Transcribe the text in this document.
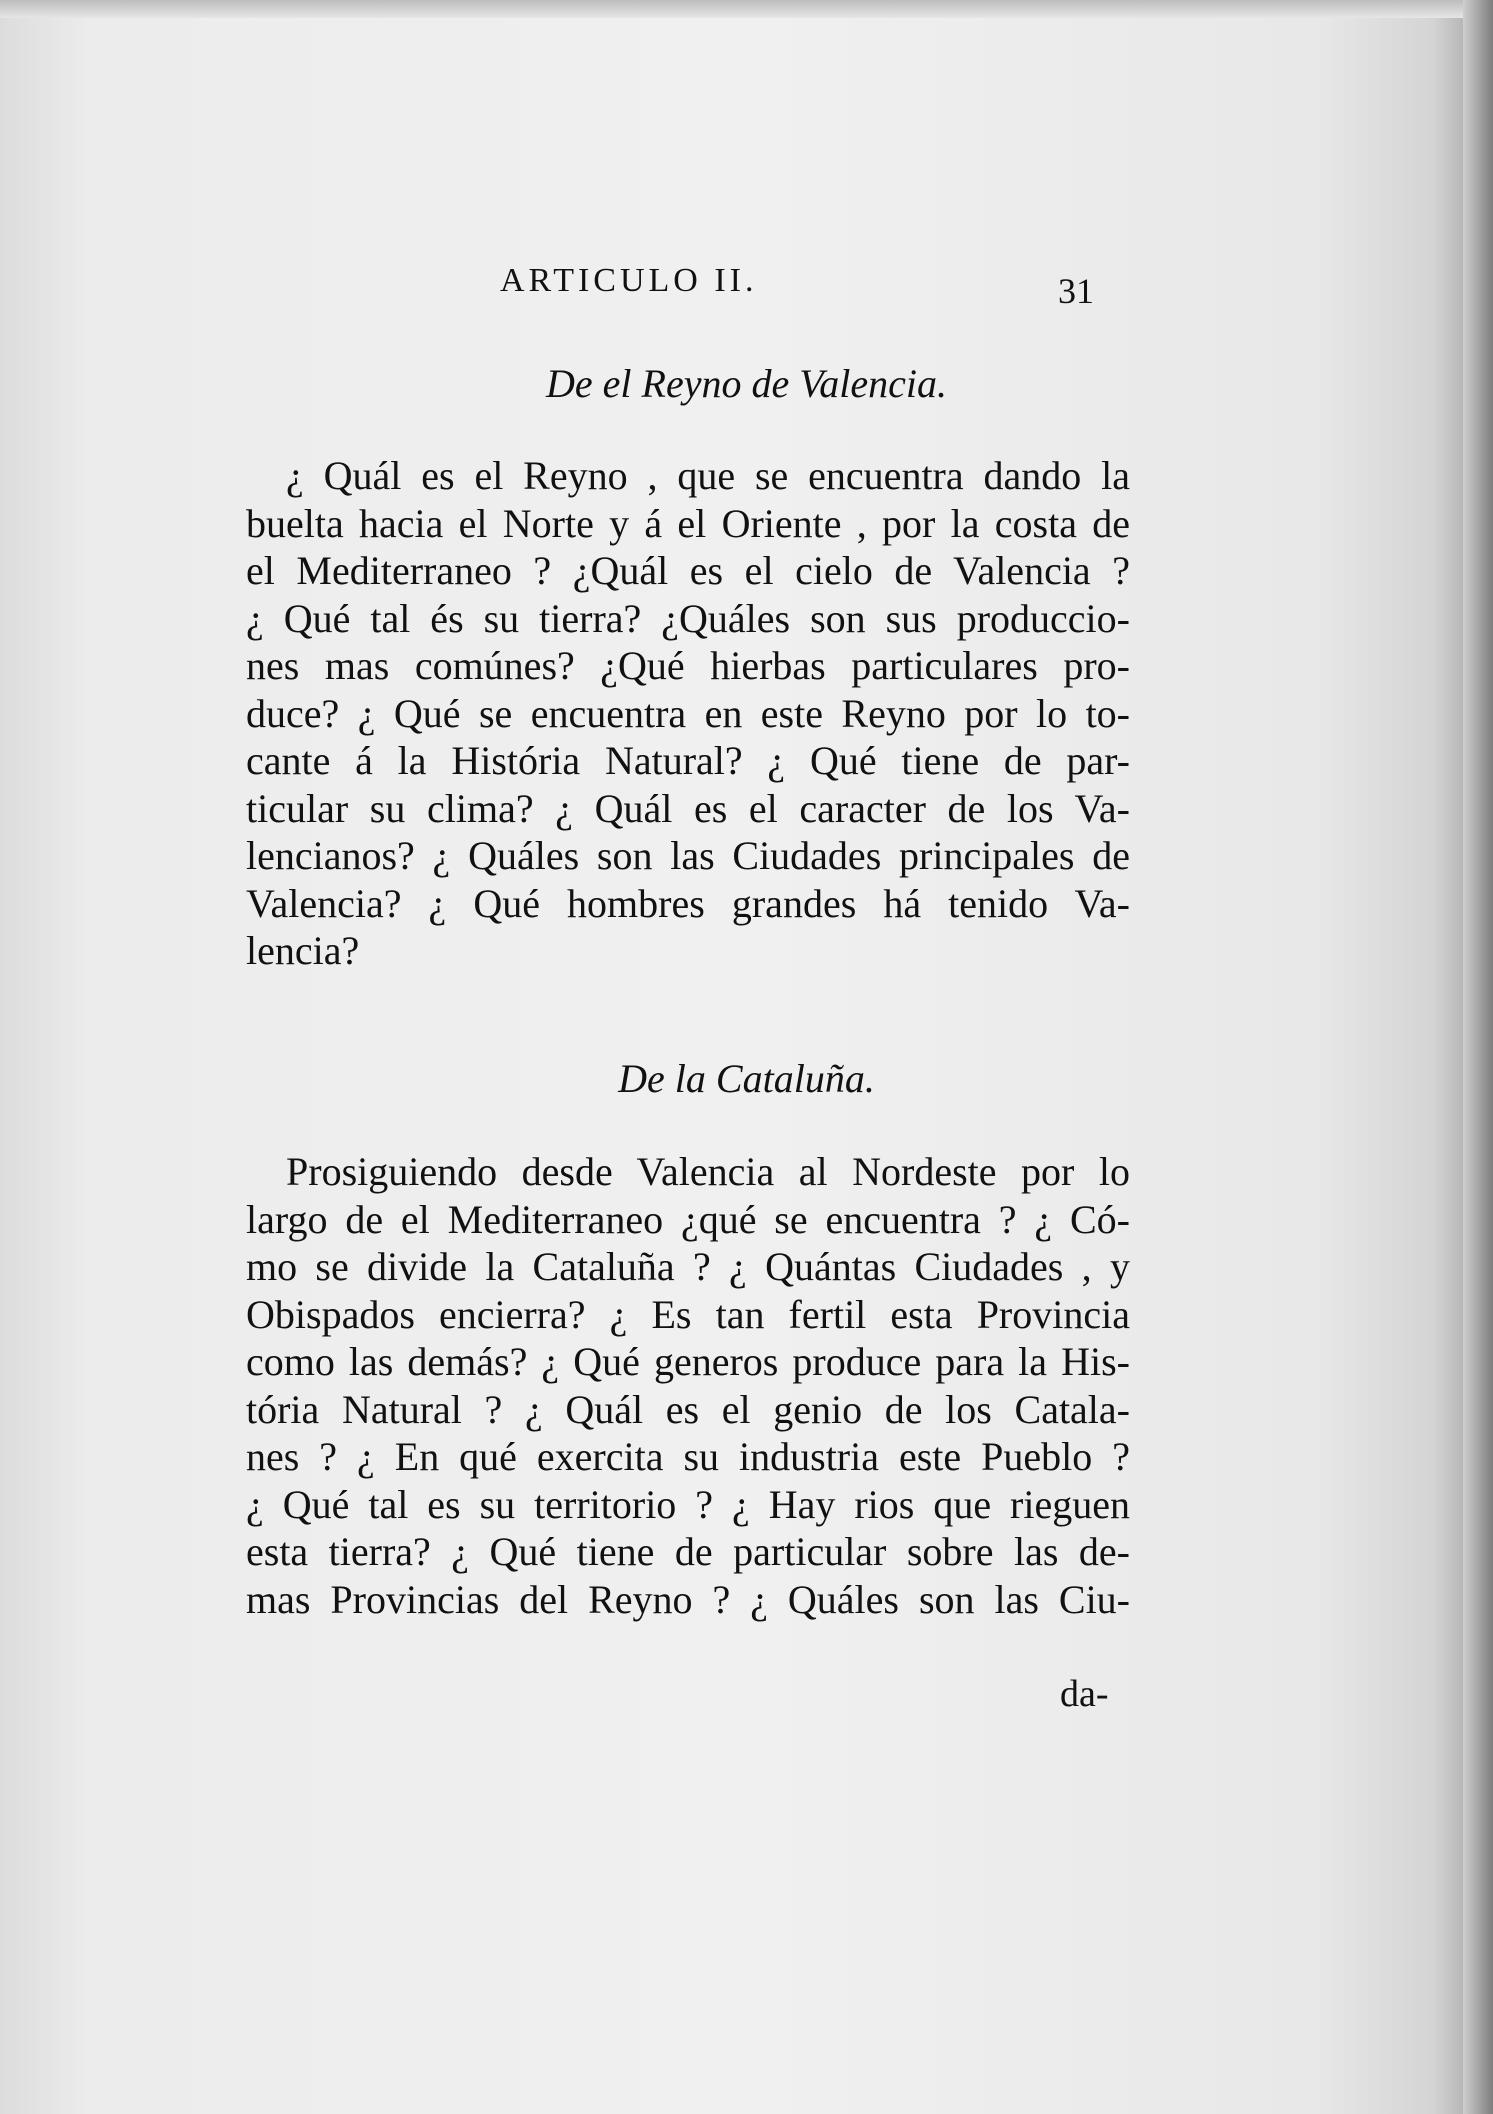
ARTICULO II.	31
De el Reyno de Valencia.
¿ Quál es el Reyno , que se encuentra dando la
buelta hacia el Norte y á el Oriente , por la costa de
el Mediterraneo ? ¿Quál es el cielo de Valencia ?
¿ Qué tal és su tierra? ¿Quáles son sus produccio-
nes mas comúnes? ¿Qué hierbas particulares pro-
duce? ¿ Qué se encuentra en este Reyno por lo to-
cante á la História Natural? ¿ Qué tiene de par-
ticular su clima? ¿ Quál es el caracter de los Va-
lencianos? ¿ Quáles son las Ciudades principales de
Valencia? ¿ Qué hombres grandes há tenido Va-
lencia?
De la Cataluña.
Prosiguiendo desde Valencia al Nordeste por lo
largo de el Mediterraneo ¿qué se encuentra ? ¿ Có-
mo se divide la Cataluña ? ¿ Quántas Ciudades , y
Obispados encierra? ¿ Es tan fertil esta Provincia
como las demás? ¿ Qué generos produce para la His-
tória Natural ? ¿ Quál es el genio de los Catala-
nes ? ¿ En qué exercita su industria este Pueblo ?
¿ Qué tal es su territorio ? ¿ Hay rios que rieguen
esta tierra? ¿ Qué tiene de particular sobre las de-
mas Provincias del Reyno ? ¿ Quáles son las Ciu-
da-
